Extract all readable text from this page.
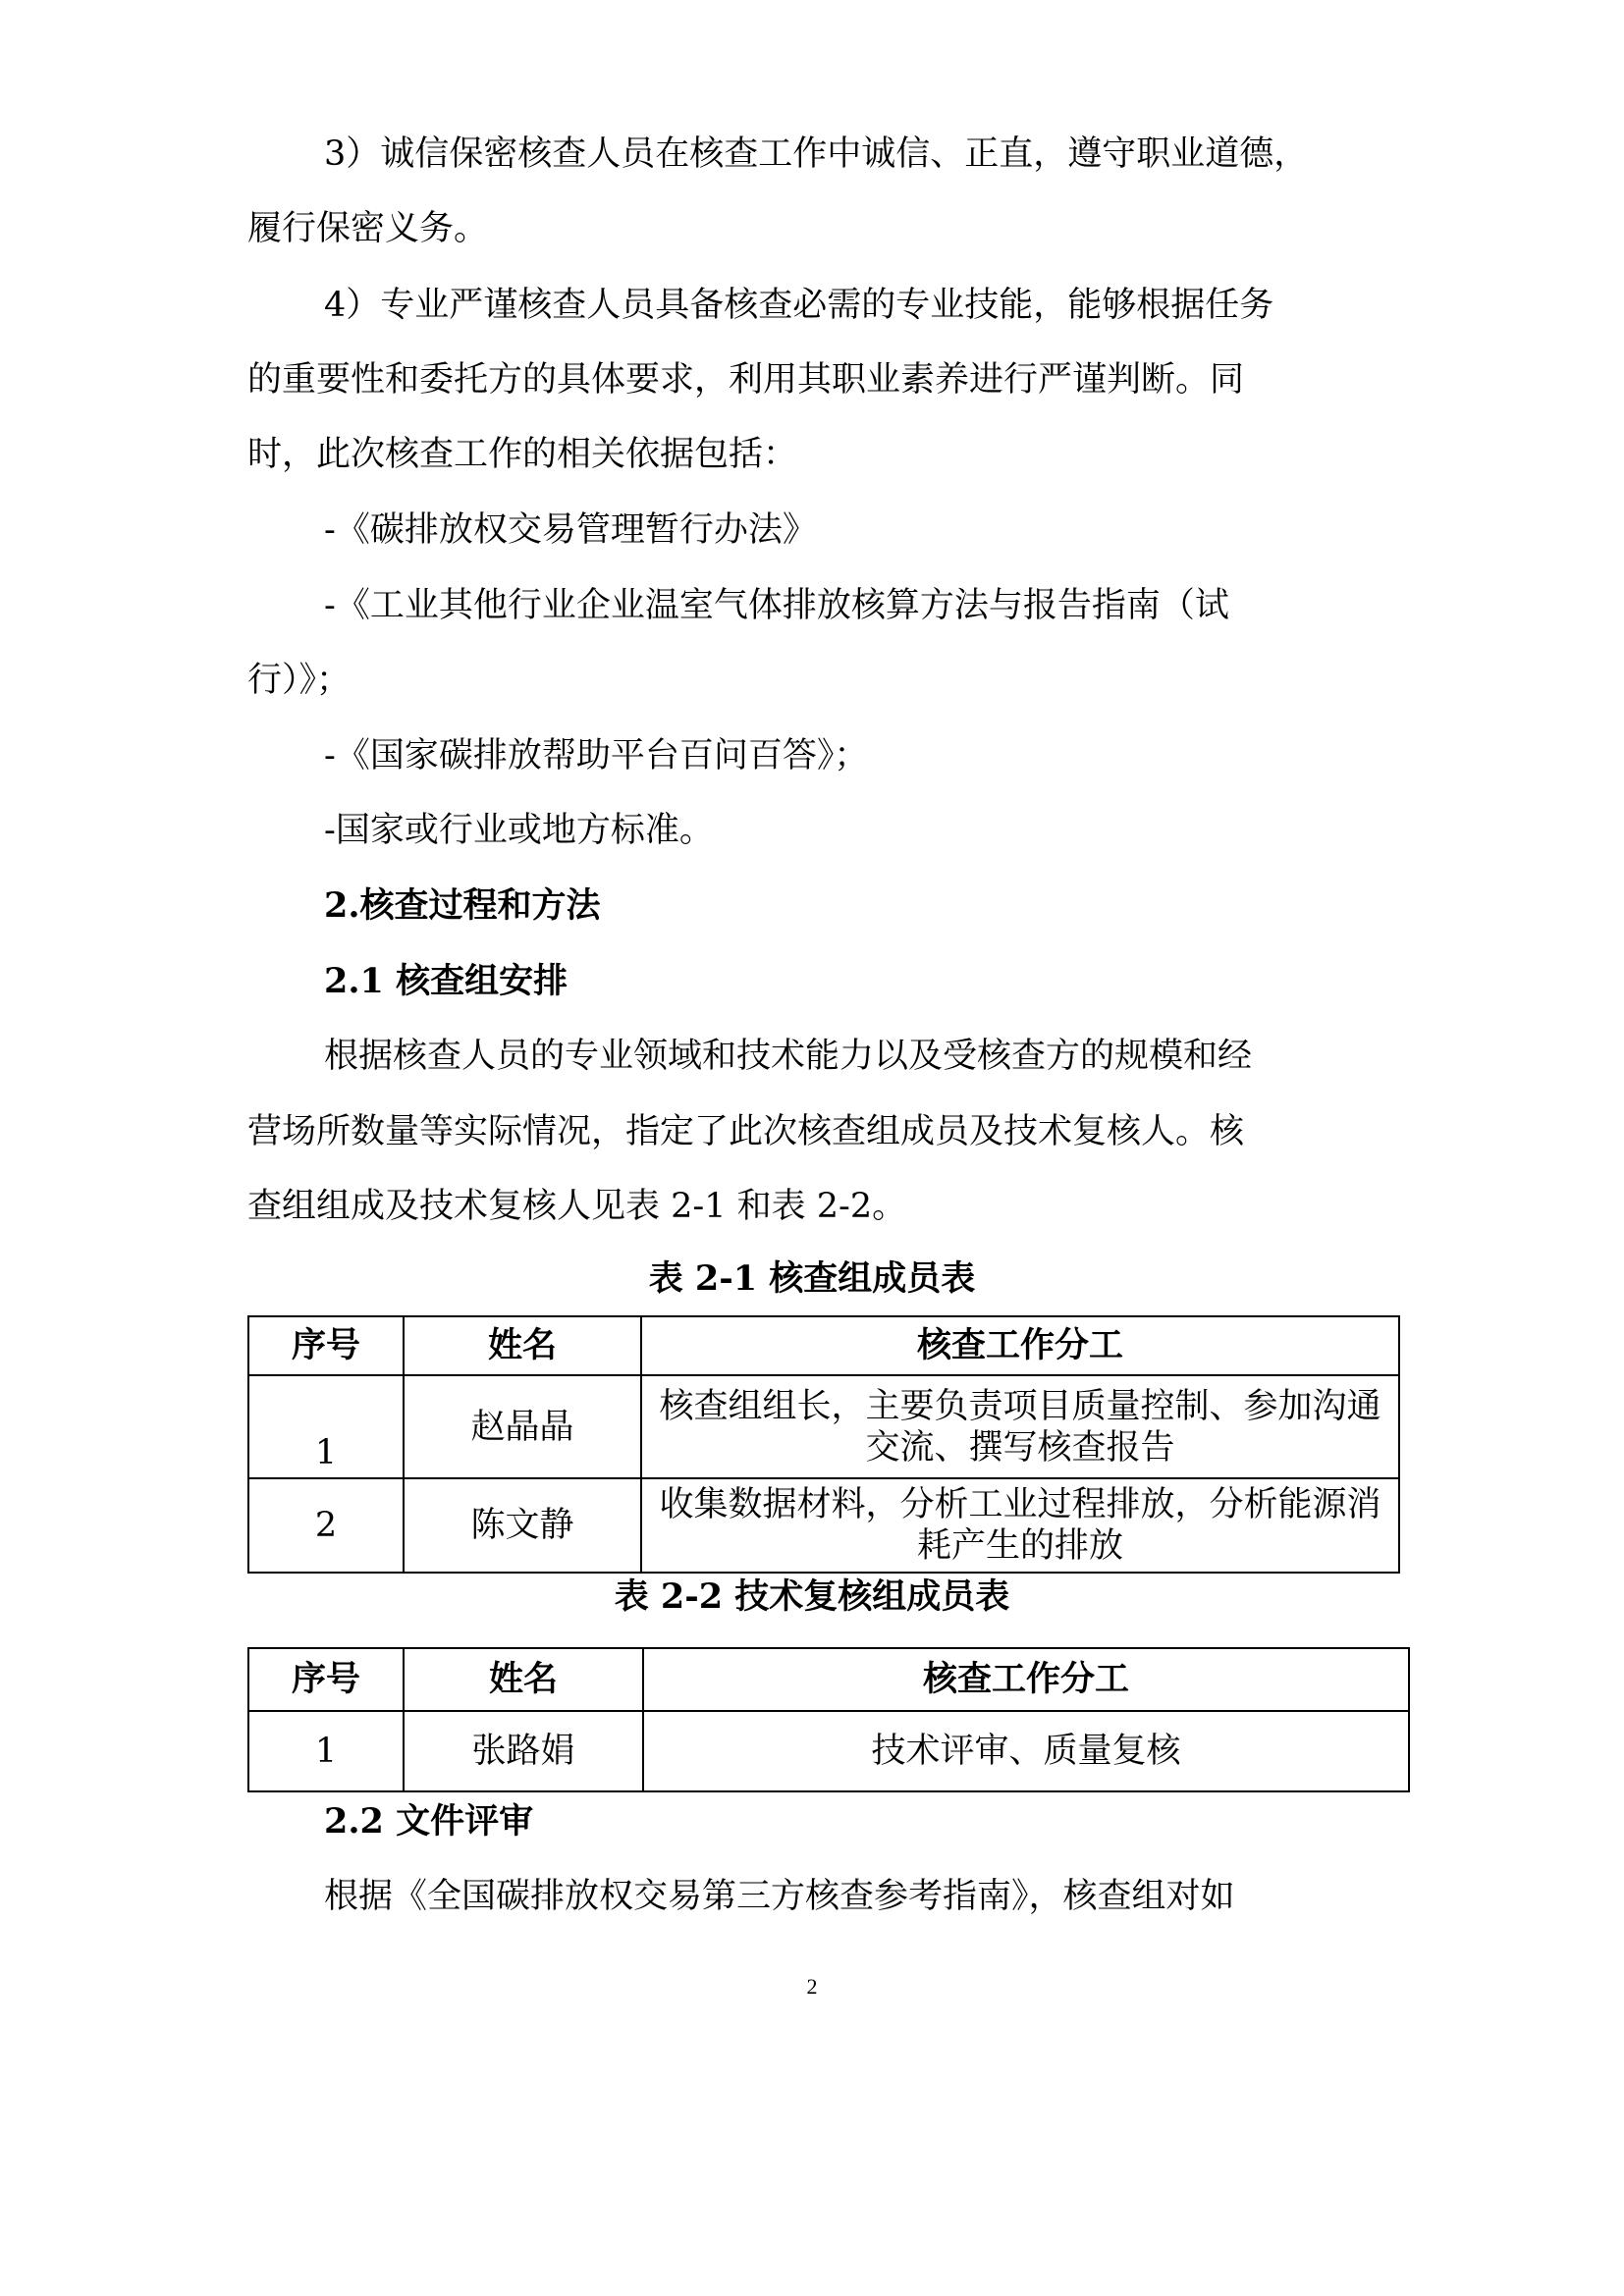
3）诚信保密核查人员在核查工作中诚信、正直，遵守职业道德，
履行保密义务。
4）专业严谨核查人员具备核查必需的专业技能，能够根据任务
的重要性和委托方的具体要求，利用其职业素养进行严谨判断。同
时，此次核查工作的相关依据包括：
-《碳排放权交易管理暂行办法》
-《工业其他行业企业温室气体排放核算方法与报告指南（试
行）》；
-《国家碳排放帮助平台百问百答》；
-国家或行业或地方标准。
2.核查过程和方法
2.1 核查组安排
根据核查人员的专业领域和技术能力以及受核查方的规模和经
营场所数量等实际情况，指定了此次核查组成员及技术复核人。核
查组组成及技术复核人见表 2-1 和表 2-2。
表 2-1 核查组成员表
序号	姓名	核查工作分工
1	赵晶晶	核查组组长，主要负责项目质量控制、参加沟通交流、撰写核查报告
2	陈文静	收集数据材料，分析工业过程排放，分析能源消耗产生的排放
表 2-2 技术复核组成员表
序号	姓名	核查工作分工
1	张路娟	技术评审、质量复核
2.2 文件评审
根据《全国碳排放权交易第三方核查参考指南》，核查组对如
2
